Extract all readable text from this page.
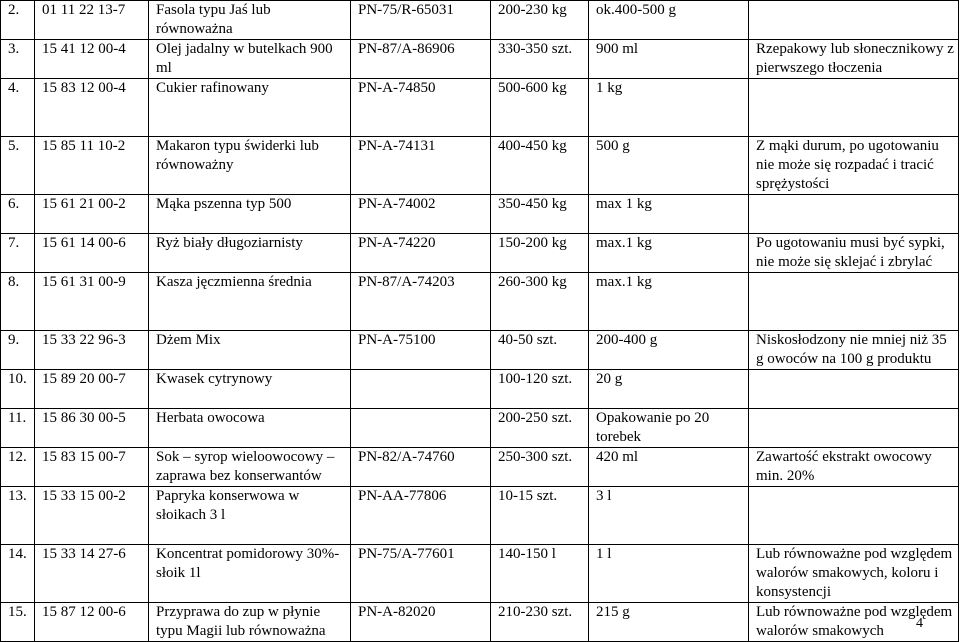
2.	01 11 22 13-7	Fasola typu Jaś lub równoważna	PN-75/R-65031	200-230 kg	ok.400-500 g	
3.	15 41 12 00-4	Olej jadalny w butelkach 900 ml	PN-87/A-86906	330-350 szt.	900 ml	Rzepakowy lub słonecznikowy z pierwszego tłoczenia
4.	15 83 12 00-4	Cukier rafinowany	PN-A-74850	500-600 kg	1 kg	
5.	15 85 11 10-2	Makaron typu świderki lub równoważny	PN-A-74131	400-450 kg	500 g	Z mąki durum, po ugotowaniu nie może się rozpadać i tracić sprężystości
6.	15 61 21 00-2	Mąka pszenna typ 500	PN-A-74002	350-450 kg	max 1 kg	
7.	15 61 14 00-6	Ryż biały długoziarnisty	PN-A-74220	150-200 kg	max.1 kg	Po ugotowaniu musi być sypki, nie może się sklejać i zbrylać
8.	15 61 31 00-9	Kasza jęczmienna średnia	PN-87/A-74203	260-300 kg	max.1 kg	
9.	15 33 22 96-3	Dżem Mix	PN-A-75100	40-50 szt.	200-400 g	Niskosłodzony nie mniej niż 35 g owoców na 100 g produktu
10.	15 89 20 00-7	Kwasek cytrynowy		100-120 szt.	20 g	
11.	15 86 30 00-5	Herbata owocowa		200-250 szt.	Opakowanie po 20 torebek	
12.	15 83 15 00-7	Sok – syrop wieloowocowy – zaprawa bez konserwantów	PN-82/A-74760	250-300 szt.	420 ml	Zawartość ekstrakt owocowy min. 20%
13.	15 33 15 00-2	Papryka konserwowa w słoikach 3 l	PN-AA-77806	10-15 szt.	3 l	
14.	15 33 14 27-6	Koncentrat pomidorowy 30%- słoik 1l	PN-75/A-77601	140-150 l	1 l	Lub równoważne pod względem walorów smakowych, koloru i konsystencji
15.	15 87 12 00-6	Przyprawa do zup w płynie typu Magii lub równoważna	PN-A-82020	210-230 szt.	215 g	Lub równoważne pod względem walorów smakowych 4
